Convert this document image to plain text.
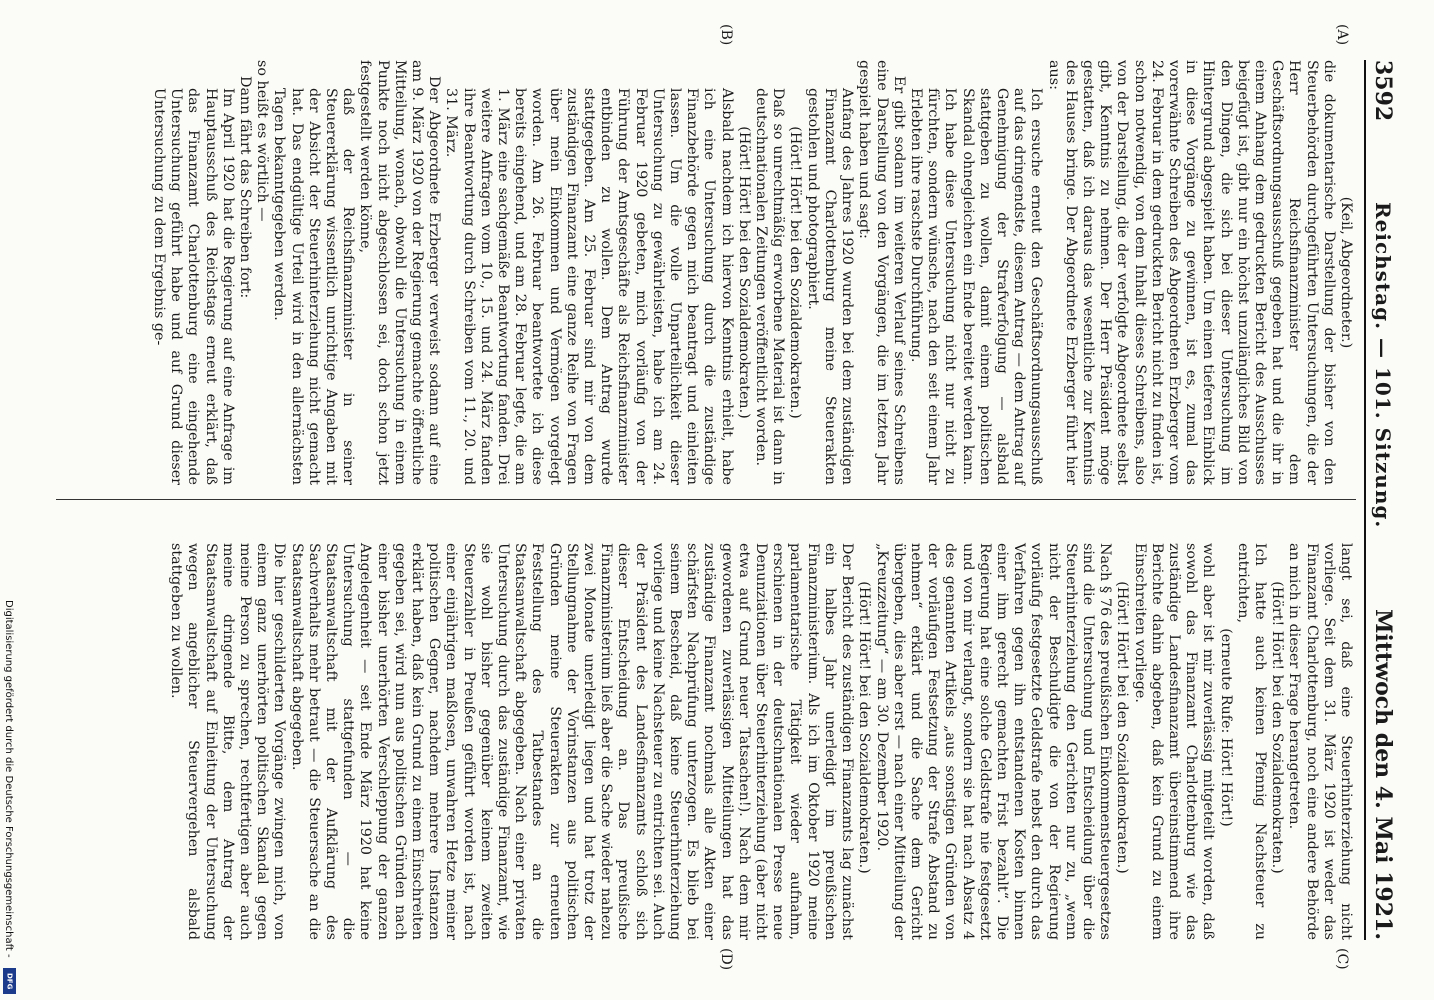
3592
Reichstag. — 101. Sitzung.
Mittwoch den 4. Mai 1921.
(A)
(B)
(C)
(D)

(Keil, Abgeordneter.)

die dokumentarische Darstellung der bisher von den Steuerbehörden durchgeführten Untersuchungen, die der Herr Reichsfinanzminister dem Geschäftsordnungsausschuß gegeben hat und die ihr in einem Anhang dem gedruckten Bericht des Ausschusses beigefügt ist, gibt nur ein höchst unzulängliches Bild von den Dingen, die sich bei dieser Untersuchung im Hintergrund abgespielt haben. Um einen tieferen Einblick in diese Vorgänge zu gewinnen, ist es, zumal das vorerwähnte Schreiben des Abgeordneten Erzberger vom 24. Februar in dem gedruckten Bericht nicht zu finden ist, schon notwendig, von dem Inhalt dieses Schreibens, also von der Darstellung, die der verfolgte Abgeordnete selbst gibt, Kenntnis zu nehmen. Der Herr Präsident möge gestatten, daß ich daraus das wesentliche zur Kenntnis des Hauses bringe. Der Abgeordnete Erzberger führt hier aus:

Ich ersuche erneut den Geschäftsordnungsausschuß auf das dringendste, diesem Antrag — dem Antrag auf Genehmigung der Strafverfolgung — alsbald stattgeben zu wollen, damit einem politischen Skandal ohnegleichen ein Ende bereitet werden kann. Ich habe diese Untersuchung nicht nur nicht zu fürchten, sondern wünsche, nach den seit einem Jahr Erlebten ihre raschste Durchführung.

Er gibt sodann im weiteren Verlauf seines Schreibens eine Darstellung von den Vorgängen, die im letzten Jahr gespielt haben und sagt:

Anfang des Jahres 1920 wurden bei dem zuständigen Finanzamt Charlottenburg meine Steuerakten gestohlen und photographiert.

(Hört! Hört! bei den Sozialdemokraten.)

Daß so unrechtmäßig erworbene Material ist dann in deutschnationalen Zeitungen veröffentlicht worden.

(Hört! Hört! bei den Sozialdemokraten.)

Alsbald nachdem ich hiervon Kenntnis erhielt, habe ich eine Untersuchung durch die zuständige Finanzbehörde gegen mich beantragt und einleiten lassen. Um die volle Unparteilichkeit dieser Untersuchung zu gewährleisten, habe ich am 24. Februar 1920 gebeten, mich vorläufig von der Führung der Amtsgeschäfte als Reichsfinanzminister entbinden zu wollen. Dem Antrag wurde stattgegeben. Am 25. Februar sind mir von dem zuständigen Finanzamt eine ganze Reihe von Fragen über mein Einkommen und Vermögen vorgelegt worden. Am 26. Februar beantwortete ich diese bereits eingehend, und am 28. Februar legte, die am 1. März eine sachgemäße Beantwortung fanden. Drei weitere Anfragen vom 10., 15. und 24. März fanden ihre Beantwortung durch Schreiben vom 11., 20. und 31. März.

Der Abgeordnete Erzberger verweist sodann auf eine am 9. März 1920 von der Regierung gemachte öffentliche Mitteilung, wonach, obwohl die Untersuchung in einem Punkte noch nicht abgeschlossen sei, doch schon jetzt festgestellt werden könne,

daß der Reichsfinanzminister in seiner Steuererklärung wissentlich unrichtige Angaben mit der Absicht der Steuerhinterziehung nicht gemacht hat. Das endgültige Urteil wird in den allernächsten Tagen bekanntgegeben werden.

so heißt es wörtlich —

Dann fährt das Schreiben fort:

Im April 1920 hat die Regierung auf eine Anfrage im Hauptausschuß des Reichstags erneut erklärt, daß das Finanzamt Charlottenburg eine eingehende Untersuchung geführt habe und auf Grund dieser Untersuchung zu dem Ergebnis ge-

langt sei, daß eine Steuerhinterziehung nicht vorliege. Seit dem 31. März 1920 ist weder das Finanzamt Charlottenburg, noch eine andere Behörde an mich in dieser Frage herangetreten.

(Hört! Hört! bei den Sozialdemokraten.)

Ich hatte auch keinen Pfennig Nachsteuer zu entrichten,

(erneute Rufe: Hört! Hört!)

wohl aber ist mir zuverlässig mitgeteilt worden, daß sowohl das Finanzamt Charlottenburg wie das zuständige Landesfinanzamt übereinstimmend ihre Berichte dahin abgeben, daß kein Grund zu einem Einschreiten vorliege.

(Hört! Hört! bei den Sozialdemokraten.)

Nach § 76 des preußischen Einkommensteuergesetzes sind die Untersuchung und Entscheidung über die Steuerhinterziehung den Gerichten nur zu, „wenn nicht der Beschuldigte die von der Regierung vorläufig festgesetzte Geldstrafe nebst den durch das Verfahren gegen ihn entstandenen Kosten binnen einer ihm gerecht gemachten Frist bezahlt“. Die Regierung hat eine solche Geldstrafe nie festgesetzt und von mir verlangt, sondern sie hat nach Absatz 4 des genannten Artikels „aus sonstigen Gründen von der vorläufigen Festsetzung der Strafe Abstand zu nehmen“ erklärt und die Sache dem Gericht übergeben, dies aber erst — nach einer Mitteilung der „Kreuzzeitung“ — am 30. Dezember 1920.

(Hört! Hört! bei den Sozialdemokraten.)

Der Bericht des zuständigen Finanzamts lag zunächst ein halbes Jahr unerledigt im preußischen Finanzministerium. Als ich im Oktober 1920 meine parlamentarische Tätigkeit wieder aufnahm, erschienen in der deutschnationalen Presse neue Denunziationen über Steuerhinterziehung (aber nicht etwa auf Grund neuer Tatsachen!). Nach dem mir gewordenen zuverlässigen Mitteilungen hat das zuständige Finanzamt nochmals alle Akten einer schärfsten Nachprüfung unterzogen. Es blieb bei seinem Bescheid, daß keine Steuerhinterziehung vorliege und keine Nachsteuer zu entrichten sei. Auch der Präsident des Landesfinanzamts schloß sich dieser Entscheidung an. Das preußische Finanzministerium ließ aber die Sache wieder nahezu zwei Monate unerledigt liegen und hat trotz der Stellungnahme der Vorinstanzen aus politischen Gründen meine Steuerakten zur erneuten Feststellung des Tatbestandes an die Staatsanwaltschaft abgegeben. Nach einer privaten Untersuchung durch das zuständige Finanzamt, wie sie wohl bisher gegenüber keinem zweiten Steuerzahler in Preußen geführt worden ist, nach einer einjährigen maßlosen, unwahren Hetze meiner politischen Gegner, nachdem mehrere Instanzen erklärt haben, daß kein Grund zu einem Einschreiten gegeben sei, wird nun aus politischen Gründen nach einer bisher unerhörten Verschleppung der ganzen Angelegenheit — seit Ende März 1920 hat keine Untersuchung stattgefunden — die Staatsanwaltschaft mit der Aufklärung des Sachverhalts mehr betraut — die Steuersache an die Staatsanwaltschaft abgegeben.

Die hier geschilderten Vorgänge zwingen mich, von einem ganz unerhörten politischen Skandal gegen meine Person zu sprechen, rechtfertigen aber auch meine dringende Bitte, dem Antrag der Staatsanwaltschaft auf Einleitung der Untersuchung wegen angeblicher Steuervergehen alsbald stattgeben zu wollen.

Digitalisierung gefördert durch die Deutsche Forschungsgemeinschaft -
DFG
